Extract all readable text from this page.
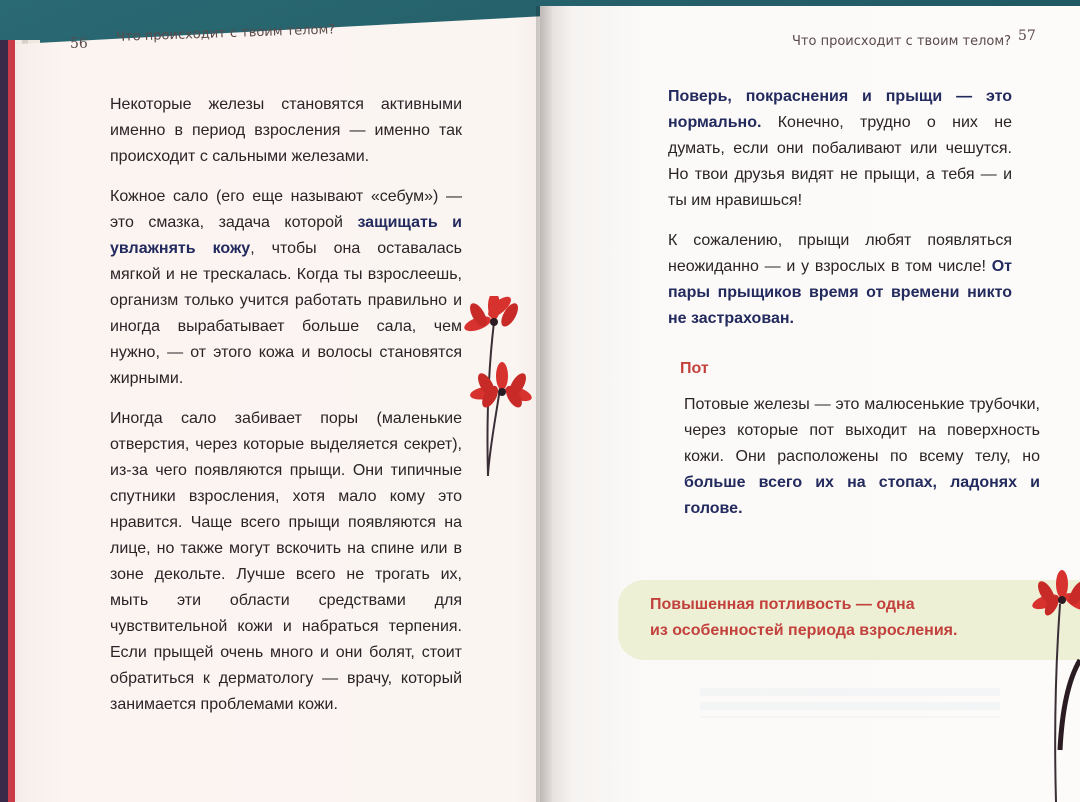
56 Что происходит с твоим телом?

Некоторые железы становятся активными именно в период взросления — именно так происходит с сальными железами.

Кожное сало (его еще называют «себум») — это смазка, задача которой защищать и увлажнять кожу, чтобы она оставалась мягкой и не трескалась. Когда ты взрослеешь, организм только учится работать правильно и иногда вырабатывает больше сала, чем нужно, — от этого кожа и волосы становятся жирными.

Иногда сало забивает поры (маленькие отверстия, через которые выделяется секрет), из-за чего появляются прыщи. Они типичные спутники взросления, хотя мало кому это нравится. Чаще всего прыщи появляются на лице, но также могут вскочить на спине или в зоне декольте. Лучше всего не трогать их, мыть эти области средствами для чувствительной кожи и набраться терпения. Если прыщей очень много и они болят, стоит обратиться к дерматологу — врачу, который занимается проблемами кожи.

Что происходит с твоим телом? 57

Поверь, покраснения и прыщи — это нормально. Конечно, трудно о них не думать, если они побаливают или чешутся. Но твои друзья видят не прыщи, а тебя — и ты им нравишься!

К сожалению, прыщи любят появляться неожиданно — и у взрослых в том числе! От пары прыщиков время от времени никто не застрахован.

Пот
Потовые железы — это малюсенькие трубочки, через которые пот выходит на поверхность кожи. Они расположены по всему телу, но больше всего их на стопах, ладонях и голове.
Повышенная потливость — одна
из особенностей периода взросления.
